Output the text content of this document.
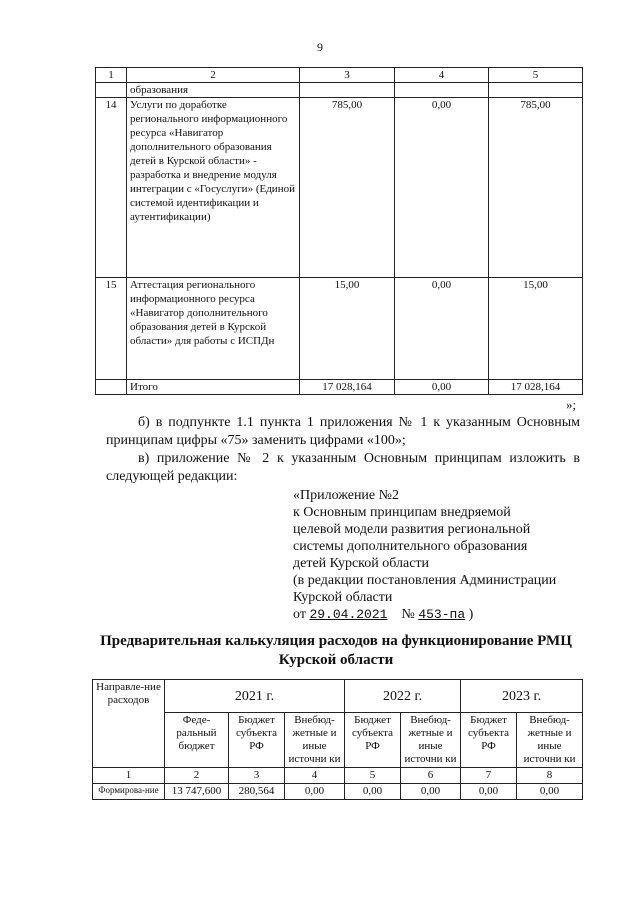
9
1	2	3	4	5
	образования			
14	Услуги по доработке регионального информационного ресурса «Навигатор дополнительного образования детей в Курской области» - разработка и внедрение модуля интеграции с «Госуслуги» (Единой системой идентификации и аутентификации)	785,00	0,00	785,00
15	Аттестация регионального информационного ресурса «Навигатор дополнительного образования детей в Курской области» для работы с ИСПДн	15,00	0,00	15,00
	Итого	17 028,164	0,00	17 028,164
»;
б) в подпункте 1.1 пункта 1 приложения № 1 к указанным Основным принципам цифры «75» заменить цифрами «100»;
в) приложение № 2 к указанным Основным принципам изложить в следующей редакции:
«Приложение №2
к Основным принципам внедряемой
целевой модели развития региональной
системы дополнительного образования
детей Курской области
(в редакции постановления Администрации
Курской области
от 29.04.2021 № 453-па )
Предварительная калькуляция расходов на функционирование РМЦ Курской области
Направле-ние расходов	2021 г.			2022 г.		2023 г.	
	Феде-ральный бюджет	Бюджет субъекта РФ	Внебюд-жетные и иные источни ки	Бюджет субъекта РФ	Внебюд-жетные и иные источни ки	Бюджет субъекта РФ	Внебюд-жетные и иные источни ки
1	2	3	4	5	6	7	8
Формирова-ние	13 747,600	280,564	0,00	0,00	0,00	0,00	0,00
